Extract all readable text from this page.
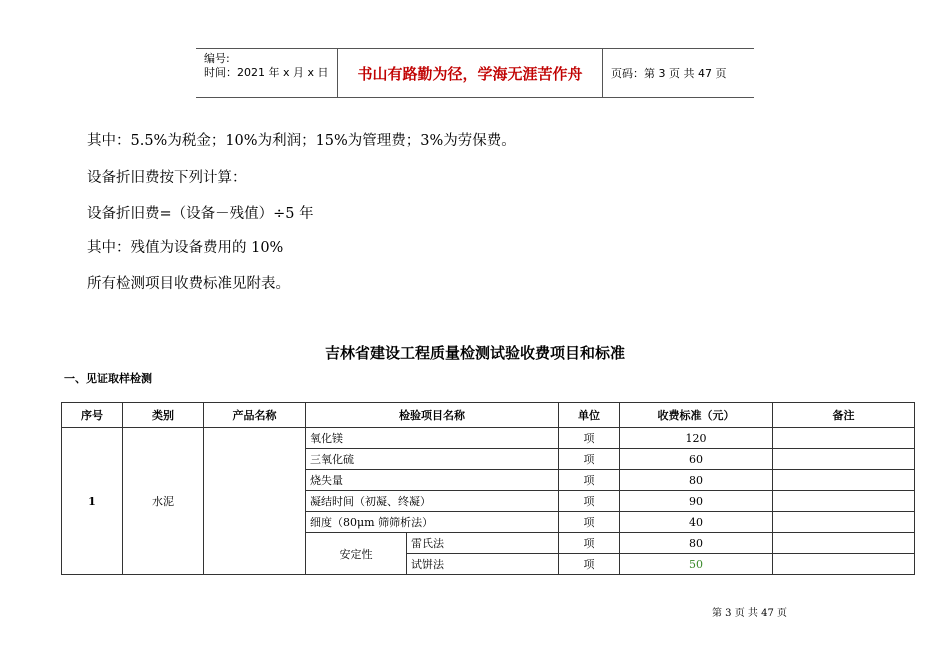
编号:
时间：2021 年 x 月 x 日	书山有路勤为径，学海无涯苦作舟	页码：第 3 页 共 47 页
其中：5.5%为税金；10%为利润；15%为管理费；3%为劳保费。
设备折旧费按下列计算：
设备折旧费=（设备－残值）÷5 年
其中：残值为设备费用的 10%
所有检测项目收费标准见附表。
吉林省建设工程质量检测试验收费项目和标准
一、见证取样检测
序号	类别	产品名称	检验项目名称		单位	收费标准（元）	备注
1	水泥		氧化镁		项	120	
			三氧化硫		项	60	
			烧失量		项	80	
			凝结时间（初凝、终凝）		项	90	
			细度（80μm 筛筛析法）		项	40	
			安定性	雷氏法	项	80	
				试饼法	项	50	
第 3 页 共 47 页
